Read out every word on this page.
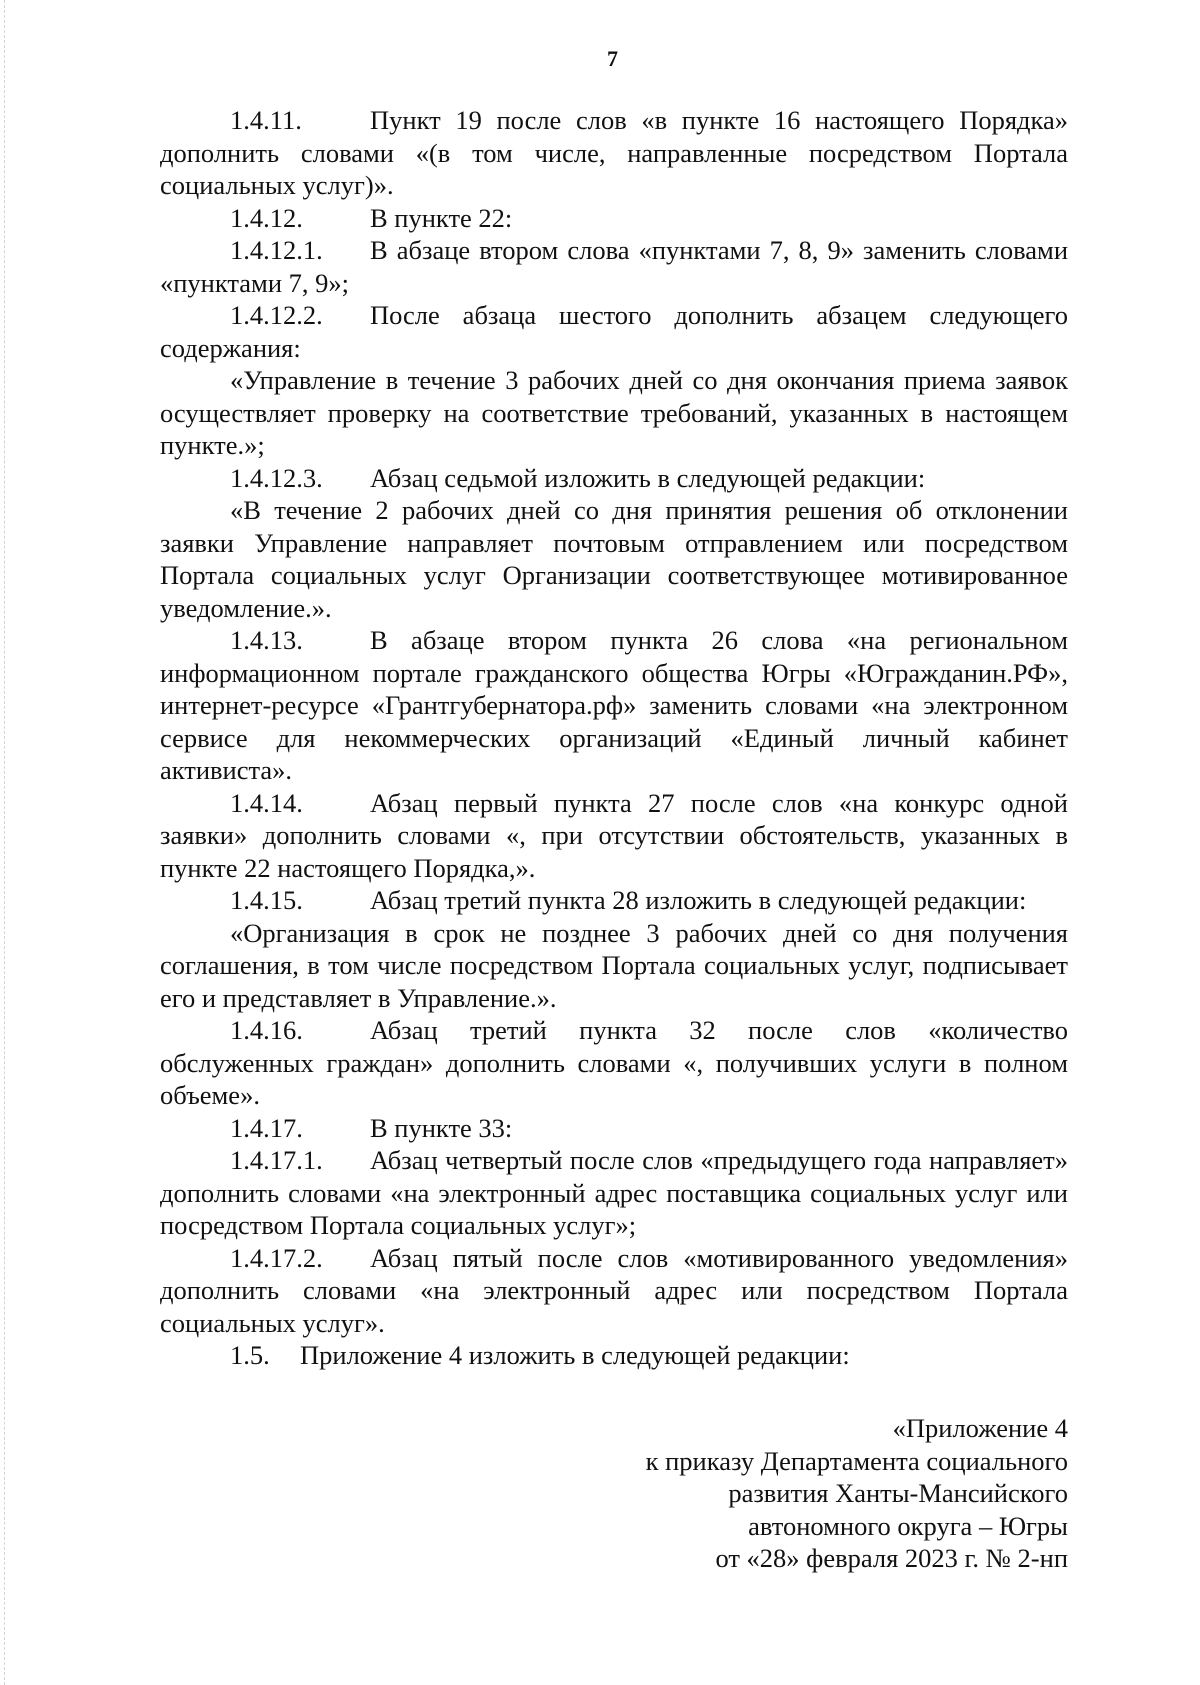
7

1.4.11.	Пункт 19 после слов «в пункте 16 настоящего Порядка» дополнить словами «(в том числе, направленные посредством Портала социальных услуг)».

1.4.12.	В пункте 22:

1.4.12.1. В абзаце втором слова «пунктами 7, 8, 9» заменить словами «пунктами 7, 9»;

1.4.12.2. После абзаца шестого дополнить абзацем следующего содержания:

«Управление в течение 3 рабочих дней со дня окончания приема заявок осуществляет проверку на соответствие требований, указанных в настоящем пункте.»;

1.4.12.3. Абзац седьмой изложить в следующей редакции:

«В течение 2 рабочих дней со дня принятия решения об отклонении заявки Управление направляет почтовым отправлением или посредством Портала социальных услуг Организации соответствующее мотивированное уведомление.».

1.4.13.	В абзаце втором пункта 26 слова «на региональном информационном портале гражданского общества Югры «Югражданин.РФ», интернет-ресурсе «Грантгубернатора.рф» заменить словами «на электронном сервисе для некоммерческих организаций «Единый личный кабинет активиста».

1.4.14.	Абзац первый пункта 27 после слов «на конкурс одной заявки» дополнить словами «, при отсутствии обстоятельств, указанных в пункте 22 настоящего Порядка,».

1.4.15.	Абзац третий пункта 28 изложить в следующей редакции:

«Организация в срок не позднее 3 рабочих дней со дня получения соглашения, в том числе посредством Портала социальных услуг, подписывает его и представляет в Управление.».

1.4.16.	Абзац третий пункта 32 после слов «количество обслуженных граждан» дополнить словами «, получивших услуги в полном объеме».

1.4.17.	В пункте 33:

1.4.17.1. Абзац четвертый после слов «предыдущего года направляет» дополнить словами «на электронный адрес поставщика социальных услуг или посредством Портала социальных услуг»;

1.4.17.2. Абзац пятый после слов «мотивированного уведомления» дополнить словами «на электронный адрес или посредством Портала социальных услуг».

1.5. Приложение 4 изложить в следующей редакции:

«Приложение 4
к приказу Департамента социального
развития Ханты-Мансийского
автономного округа – Югры
от «28» февраля 2023 г. № 2-нп
